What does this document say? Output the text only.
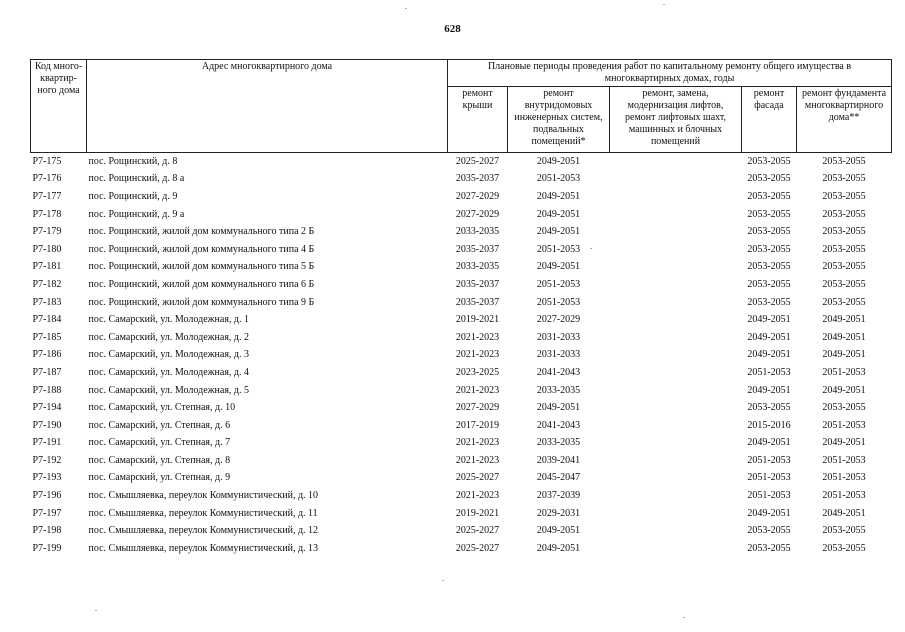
628
Код много-квартир-ного дома	Адрес многоквартирного дома	Плановые периоды проведения работ по капитальному ремонту общего имущества в многоквартирных домах, годы				
		ремонт крыши	ремонт внутридомовых инженерных систем, подвальных помещений*	ремонт, замена, модернизация лифтов, ремонт лифтовых шахт, машинных и блочных помещений	ремонт фасада	ремонт фундамента многоквартирного дома**
Р7-175	пос. Рощинский, д. 8	2025-2027	2049-2051		2053-2055	2053-2055
Р7-176	пос. Рощинский, д. 8 а	2035-2037	2051-2053		2053-2055	2053-2055
Р7-177	пос. Рощинский, д. 9	2027-2029	2049-2051		2053-2055	2053-2055
Р7-178	пос. Рощинский, д. 9 а	2027-2029	2049-2051		2053-2055	2053-2055
Р7-179	пос. Рощинский, жилой дом коммунального типа 2 Б	2033-2035	2049-2051		2053-2055	2053-2055
Р7-180	пос. Рощинский, жилой дом коммунального типа 4 Б	2035-2037	2051-2053		2053-2055	2053-2055
Р7-181	пос. Рощинский, жилой дом коммунального типа 5 Б	2033-2035	2049-2051		2053-2055	2053-2055
Р7-182	пос. Рощинский, жилой дом коммунального типа 6 Б	2035-2037	2051-2053		2053-2055	2053-2055
Р7-183	пос. Рощинский, жилой дом коммунального типа 9 Б	2035-2037	2051-2053		2053-2055	2053-2055
Р7-184	пос. Самарский, ул. Молодежная, д. 1	2019-2021	2027-2029		2049-2051	2049-2051
Р7-185	пос. Самарский, ул. Молодежная, д. 2	2021-2023	2031-2033		2049-2051	2049-2051
Р7-186	пос. Самарский, ул. Молодежная, д. 3	2021-2023	2031-2033		2049-2051	2049-2051
Р7-187	пос. Самарский, ул. Молодежная, д. 4	2023-2025	2041-2043		2051-2053	2051-2053
Р7-188	пос. Самарский, ул. Молодежная, д. 5	2021-2023	2033-2035		2049-2051	2049-2051
Р7-194	пос. Самарский, ул. Степная, д. 10	2027-2029	2049-2051		2053-2055	2053-2055
Р7-190	пос. Самарский, ул. Степная, д. 6	2017-2019	2041-2043		2015-2016	2051-2053
Р7-191	пос. Самарский, ул. Степная, д. 7	2021-2023	2033-2035		2049-2051	2049-2051
Р7-192	пос. Самарский, ул. Степная, д. 8	2021-2023	2039-2041		2051-2053	2051-2053
Р7-193	пос. Самарский, ул. Степная, д. 9	2025-2027	2045-2047		2051-2053	2051-2053
Р7-196	пос. Смышляевка, переулок Коммунистический, д. 10	2021-2023	2037-2039		2051-2053	2051-2053
Р7-197	пос. Смышляевка, переулок Коммунистический, д. 11	2019-2021	2029-2031		2049-2051	2049-2051
Р7-198	пос. Смышляевка, переулок Коммунистический, д. 12	2025-2027	2049-2051		2053-2055	2053-2055
Р7-199	пос. Смышляевка, переулок Коммунистический, д. 13	2025-2027	2049-2051		2053-2055	2053-2055
